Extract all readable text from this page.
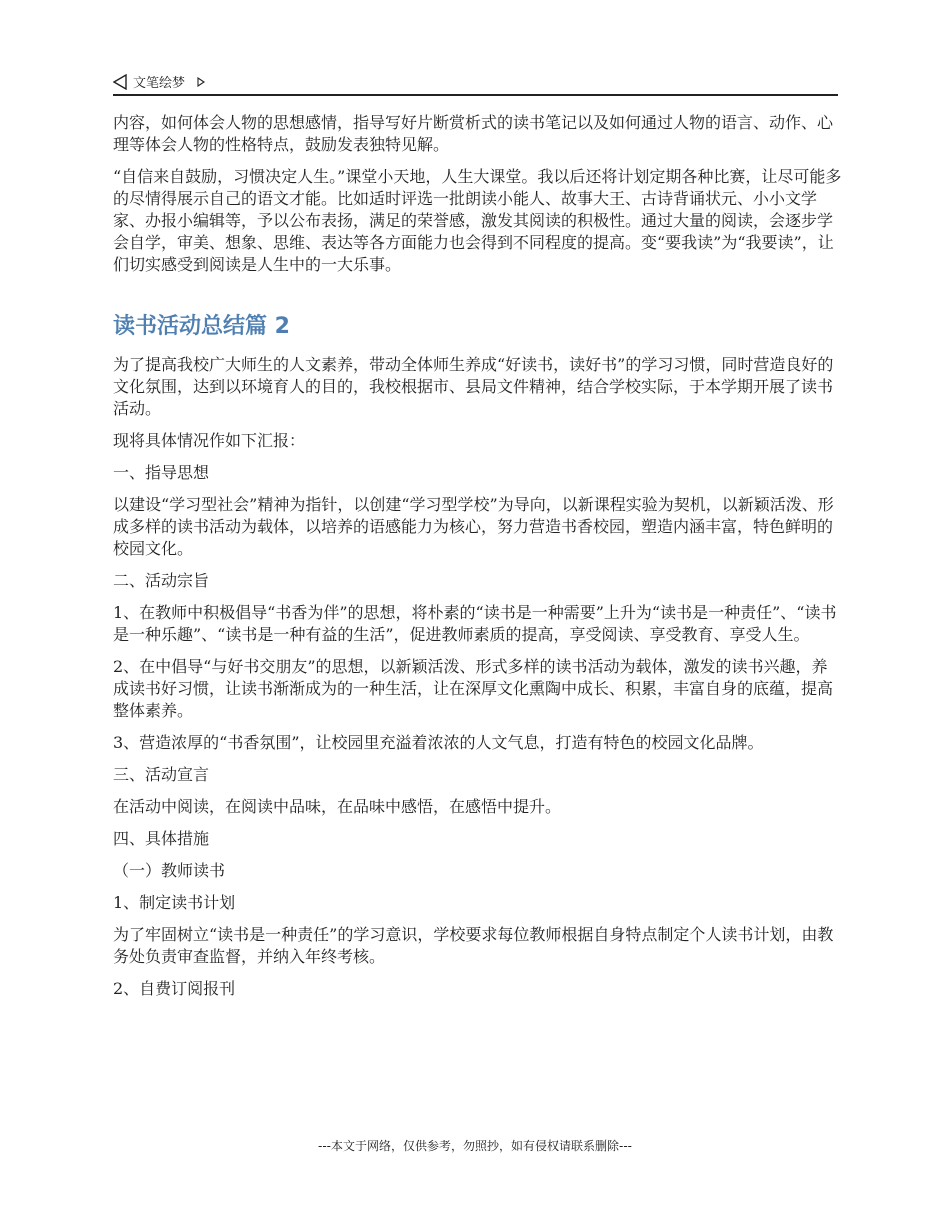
文笔绘梦

内容，如何体会人物的思想感情，指导写好片断赏析式的读书笔记以及如何通过人物的语言、动作、心理等体会人物的性格特点，鼓励发表独特见解。

“自信来自鼓励，习惯决定人生。”课堂小天地，人生大课堂。我以后还将计划定期各种比赛，让尽可能多的尽情得展示自己的语文才能。比如适时评选一批朗读小能人、故事大王、古诗背诵状元、小小文学家、办报小编辑等，予以公布表扬，满足的荣誉感，激发其阅读的积极性。通过大量的阅读，会逐步学会自学，审美、想象、思维、表达等各方面能力也会得到不同程度的提高。变“要我读”为“我要读”，让们切实感受到阅读是人生中的一大乐事。

读书活动总结篇 2

为了提高我校广大师生的人文素养，带动全体师生养成“好读书，读好书”的学习习惯，同时营造良好的文化氛围，达到以环境育人的目的，我校根据市、县局文件精神，结合学校实际，于本学期开展了读书活动。

现将具体情况作如下汇报：

一、指导思想

以建设“学习型社会”精神为指针，以创建“学习型学校”为导向，以新课程实验为契机，以新颖活泼、形成多样的读书活动为载体，以培养的语感能力为核心，努力营造书香校园，塑造内涵丰富，特色鲜明的校园文化。

二、活动宗旨

1、在教师中积极倡导“书香为伴”的思想，将朴素的“读书是一种需要”上升为“读书是一种责任”、“读书是一种乐趣”、“读书是一种有益的生活”，促进教师素质的提高，享受阅读、享受教育、享受人生。

2、在中倡导“与好书交朋友”的思想，以新颖活泼、形式多样的读书活动为载体，激发的读书兴趣，养成读书好习惯，让读书渐渐成为的一种生活，让在深厚文化熏陶中成长、积累，丰富自身的底蕴，提高整体素养。

3、营造浓厚的“书香氛围”，让校园里充溢着浓浓的人文气息，打造有特色的校园文化品牌。

三、活动宣言

在活动中阅读，在阅读中品味，在品味中感悟，在感悟中提升。

四、具体措施

（一）教师读书

1、制定读书计划

为了牢固树立“读书是一种责任”的学习意识，学校要求每位教师根据自身特点制定个人读书计划，由教务处负责审查监督，并纳入年终考核。

2、自费订阅报刊

---本文于网络，仅供参考，勿照抄，如有侵权请联系删除---
